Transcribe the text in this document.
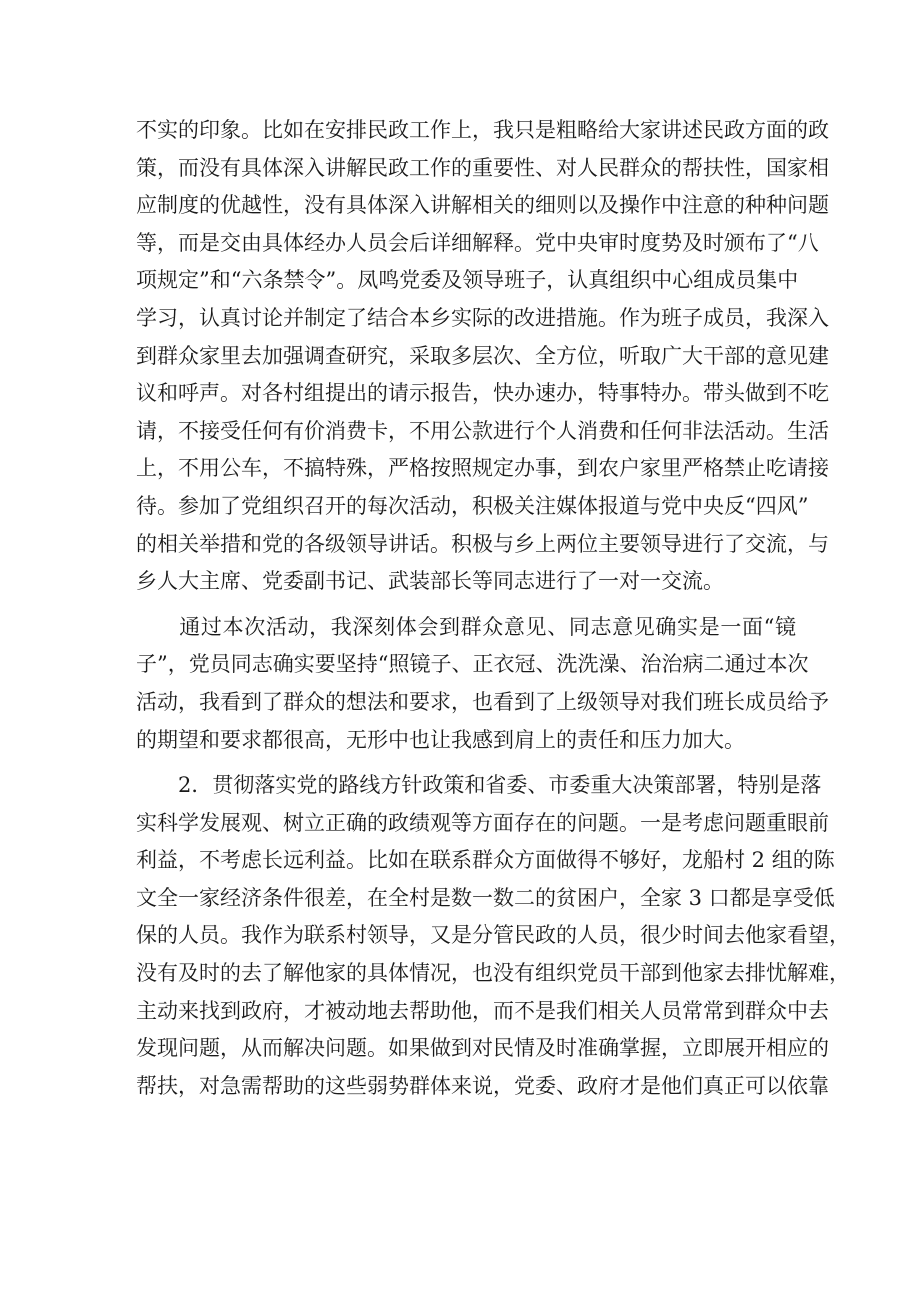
不实的印象。比如在安排民政工作上，我只是粗略给大家讲述民政方面的政
策，而没有具体深入讲解民政工作的重要性、对人民群众的帮扶性，国家相
应制度的优越性，没有具体深入讲解相关的细则以及操作中注意的种种问题
等，而是交由具体经办人员会后详细解释。党中央审时度势及时颁布了“八
项规定”和“六条禁令”。凤鸣党委及领导班子，认真组织中心组成员集中
学习，认真讨论并制定了结合本乡实际的改进措施。作为班子成员，我深入
到群众家里去加强调查研究，采取多层次、全方位，听取广大干部的意见建
议和呼声。对各村组提出的请示报告，快办速办，特事特办。带头做到不吃
请，不接受任何有价消费卡，不用公款进行个人消费和任何非法活动。生活
上，不用公车，不搞特殊，严格按照规定办事，到农户家里严格禁止吃请接
待。参加了党组织召开的每次活动，积极关注媒体报道与党中央反“四风”
的相关举措和党的各级领导讲话。积极与乡上两位主要领导进行了交流，与
乡人大主席、党委副书记、武装部长等同志进行了一对一交流。
　　通过本次活动，我深刻体会到群众意见、同志意见确实是一面“镜
子”，党员同志确实要坚持“照镜子、正衣冠、洗洗澡、治治病二通过本次
活动，我看到了群众的想法和要求，也看到了上级领导对我们班长成员给予
的期望和要求都很高，无形中也让我感到肩上的责任和压力加大。
　　2．贯彻落实党的路线方针政策和省委、市委重大决策部署，特别是落
实科学发展观、树立正确的政绩观等方面存在的问题。一是考虑问题重眼前
利益，不考虑长远利益。比如在联系群众方面做得不够好，龙船村 2 组的陈
文全一家经济条件很差，在全村是数一数二的贫困户，全家 3 口都是享受低
保的人员。我作为联系村领导，又是分管民政的人员，很少时间去他家看望，
没有及时的去了解他家的具体情况，也没有组织党员干部到他家去排忧解难，
主动来找到政府，才被动地去帮助他，而不是我们相关人员常常到群众中去
发现问题，从而解决问题。如果做到对民情及时准确掌握，立即展开相应的
帮扶，对急需帮助的这些弱势群体来说，党委、政府才是他们真正可以依靠
